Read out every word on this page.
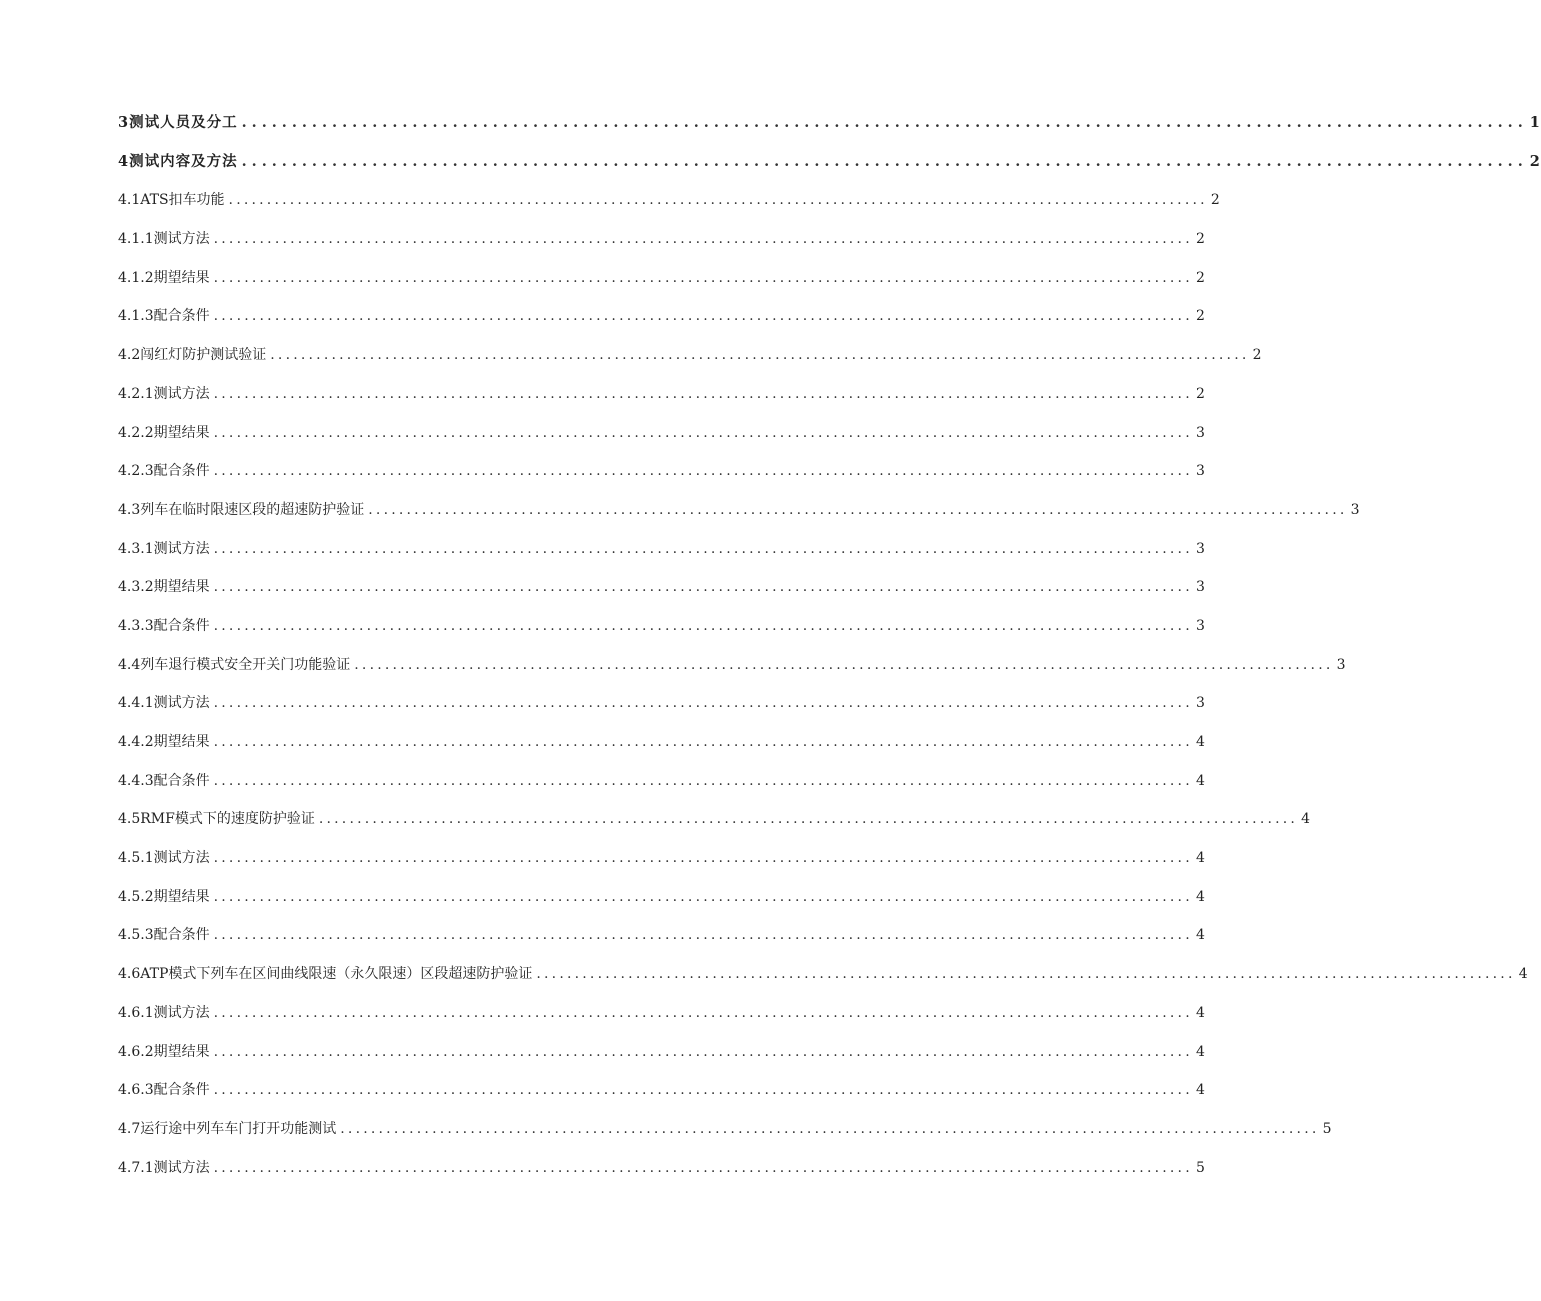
3测试人员及分工 ................................................................................................................................ 1
4测试内容及方法 ................................................................................................................................ 2
4.1ATS扣车功能 ................................................................................................................................ 2
4.1.1测试方法 ................................................................................................................................ 2
4.1.2期望结果 ................................................................................................................................ 2
4.1.3配合条件 ................................................................................................................................ 2
4.2闯红灯防护测试验证 ................................................................................................................................ 2
4.2.1测试方法 ................................................................................................................................ 2
4.2.2期望结果 ................................................................................................................................ 3
4.2.3配合条件 ................................................................................................................................ 3
4.3列车在临时限速区段的超速防护验证 ................................................................................................................................ 3
4.3.1测试方法 ................................................................................................................................ 3
4.3.2期望结果 ................................................................................................................................ 3
4.3.3配合条件 ................................................................................................................................ 3
4.4列车退行模式安全开关门功能验证 ................................................................................................................................ 3
4.4.1测试方法 ................................................................................................................................ 3
4.4.2期望结果 ................................................................................................................................ 4
4.4.3配合条件 ................................................................................................................................ 4
4.5RMF模式下的速度防护验证 ................................................................................................................................ 4
4.5.1测试方法 ................................................................................................................................ 4
4.5.2期望结果 ................................................................................................................................ 4
4.5.3配合条件 ................................................................................................................................ 4
4.6ATP模式下列车在区间曲线限速（永久限速）区段超速防护验证 ................................................................................................................................ 4
4.6.1测试方法 ................................................................................................................................ 4
4.6.2期望结果 ................................................................................................................................ 4
4.6.3配合条件 ................................................................................................................................ 4
4.7运行途中列车车门打开功能测试 ................................................................................................................................ 5
4.7.1测试方法 ................................................................................................................................ 5
